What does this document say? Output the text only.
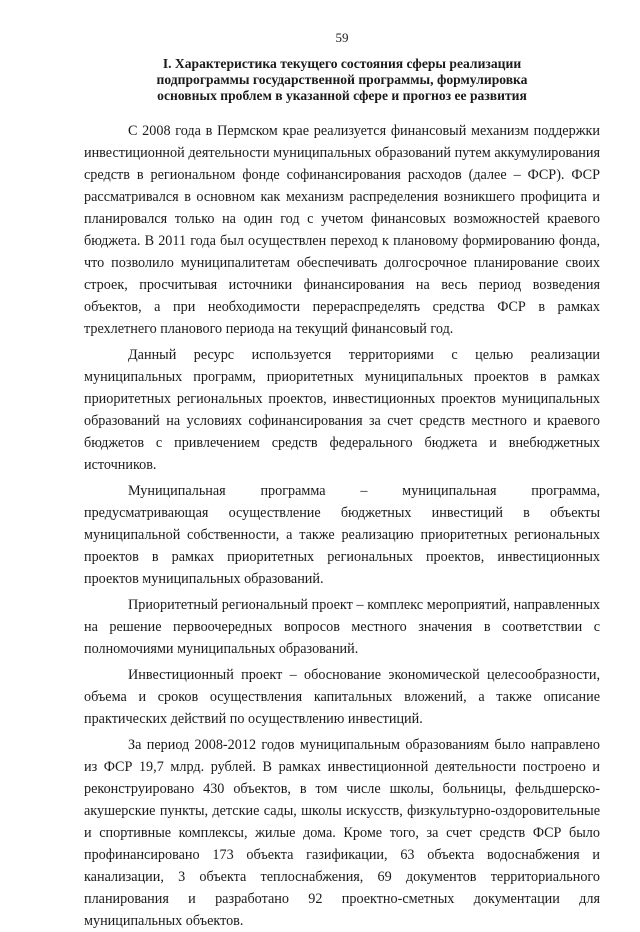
59
I. Характеристика текущего состояния сферы реализации
подпрограммы государственной программы, формулировка
основных проблем в указанной сфере и прогноз ее развития

С 2008 года в Пермском крае реализуется финансовый механизм поддержки инвестиционной деятельности муниципальных образований путем аккумулирования средств в региональном фонде софинансирования расходов (далее – ФСР). ФСР рассматривался в основном как механизм распределения возникшего профицита и планировался только на один год с учетом финансовых возможностей краевого бюджета. В 2011 года был осуществлен переход к плановому формированию фонда, что позволило муниципалитетам обеспечивать долгосрочное планирование своих строек, просчитывая источники финансирования на весь период возведения объектов, а при необходимости перераспределять средства ФСР в рамках трехлетнего планового периода на текущий финансовый год.

Данный ресурс используется территориями с целью реализации муниципальных программ, приоритетных муниципальных проектов в рамках приоритетных региональных проектов, инвестиционных проектов муниципальных образований на условиях софинансирования за счет средств местного и краевого бюджетов с привлечением средств федерального бюджета и внебюджетных источников.

Муниципальная программа – муниципальная программа, предусматривающая осуществление бюджетных инвестиций в объекты муниципальной собственности, а также реализацию приоритетных региональных проектов в рамках приоритетных региональных проектов, инвестиционных проектов муниципальных образований.

Приоритетный региональный проект – комплекс мероприятий, направленных на решение первоочередных вопросов местного значения в соответствии с полномочиями муниципальных образований.

Инвестиционный проект – обоснование экономической целесообразности, объема и сроков осуществления капитальных вложений, а также описание практических действий по осуществлению инвестиций.

За период 2008-2012 годов муниципальным образованиям было направлено из ФСР 19,7 млрд. рублей. В рамках инвестиционной деятельности построено и реконструировано 430 объектов, в том числе школы, больницы, фельдшерско-акушерские пункты, детские сады, школы искусств, физкультурно-оздоровительные и спортивные комплексы, жилые дома. Кроме того, за счет средств ФСР было профинансировано 173 объекта газификации, 63 объекта водоснабжения и канализации, 3 объекта теплоснабжения, 69 документов территориального планирования и разработано 92 проектно-сметных документации для муниципальных объектов.
